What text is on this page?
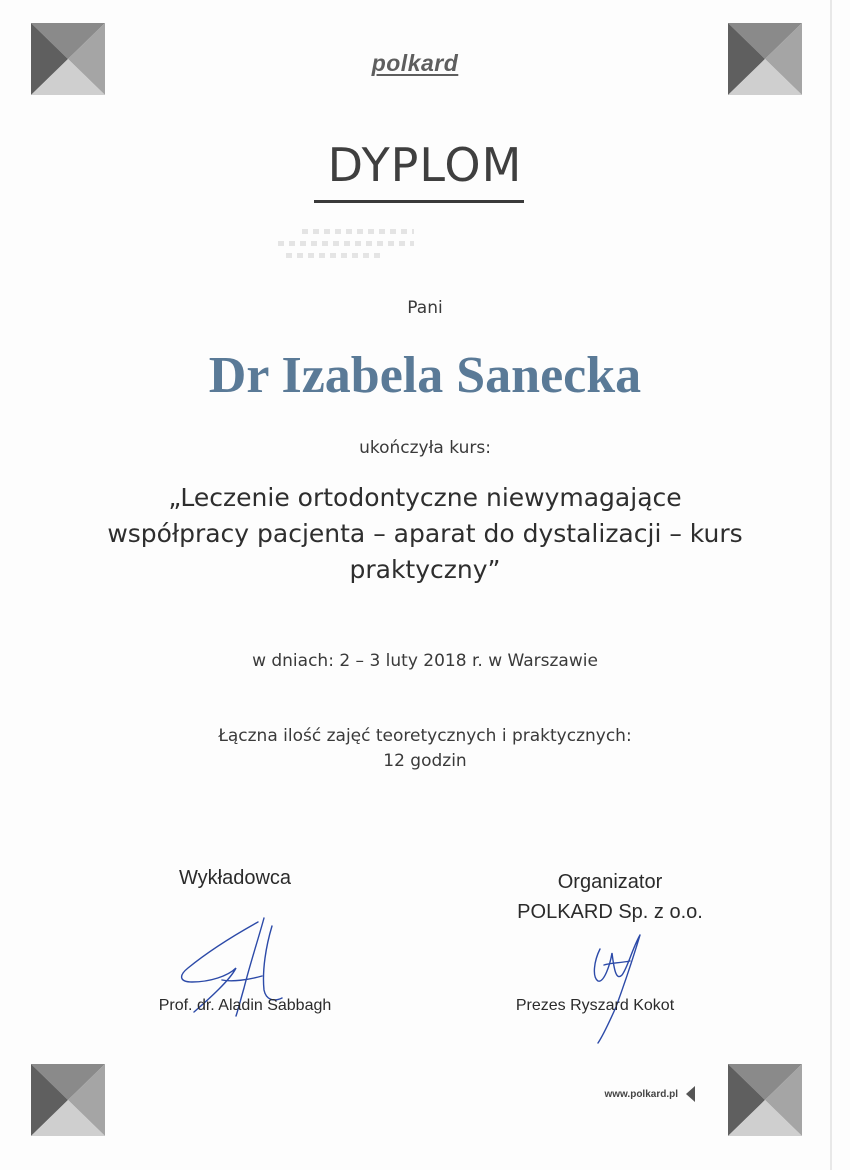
polkard
DYPLOM
Pani
Dr Izabela Sanecka
ukończyła kurs:
„Leczenie ortodontyczne niewymagające
współpracy pacjenta – aparat do dystalizacji – kurs
praktyczny”
w dniach: 2 – 3 luty 2018 r. w Warszawie
Łączna ilość zajęć teoretycznych i praktycznych:
12 godzin
Wykładowca	Organizator
POLKARD Sp. z o.o.
Prof. dr. Aladin Sabbagh	Prezes Ryszard Kokot
www.polkard.pl
